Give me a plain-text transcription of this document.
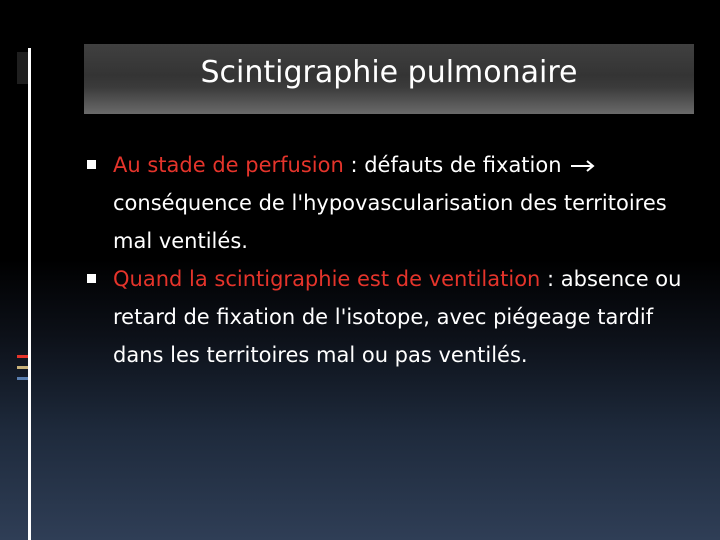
Scintigraphie pulmonaire
Au stade de perfusion : défauts de fixation  conséquence de l'hypovascularisation des territoires mal ventilés.
Quand la scintigraphie est de ventilation : absence ou retard de fixation de l'isotope, avec piégeage tardif dans les territoires mal ou pas ventilés.
